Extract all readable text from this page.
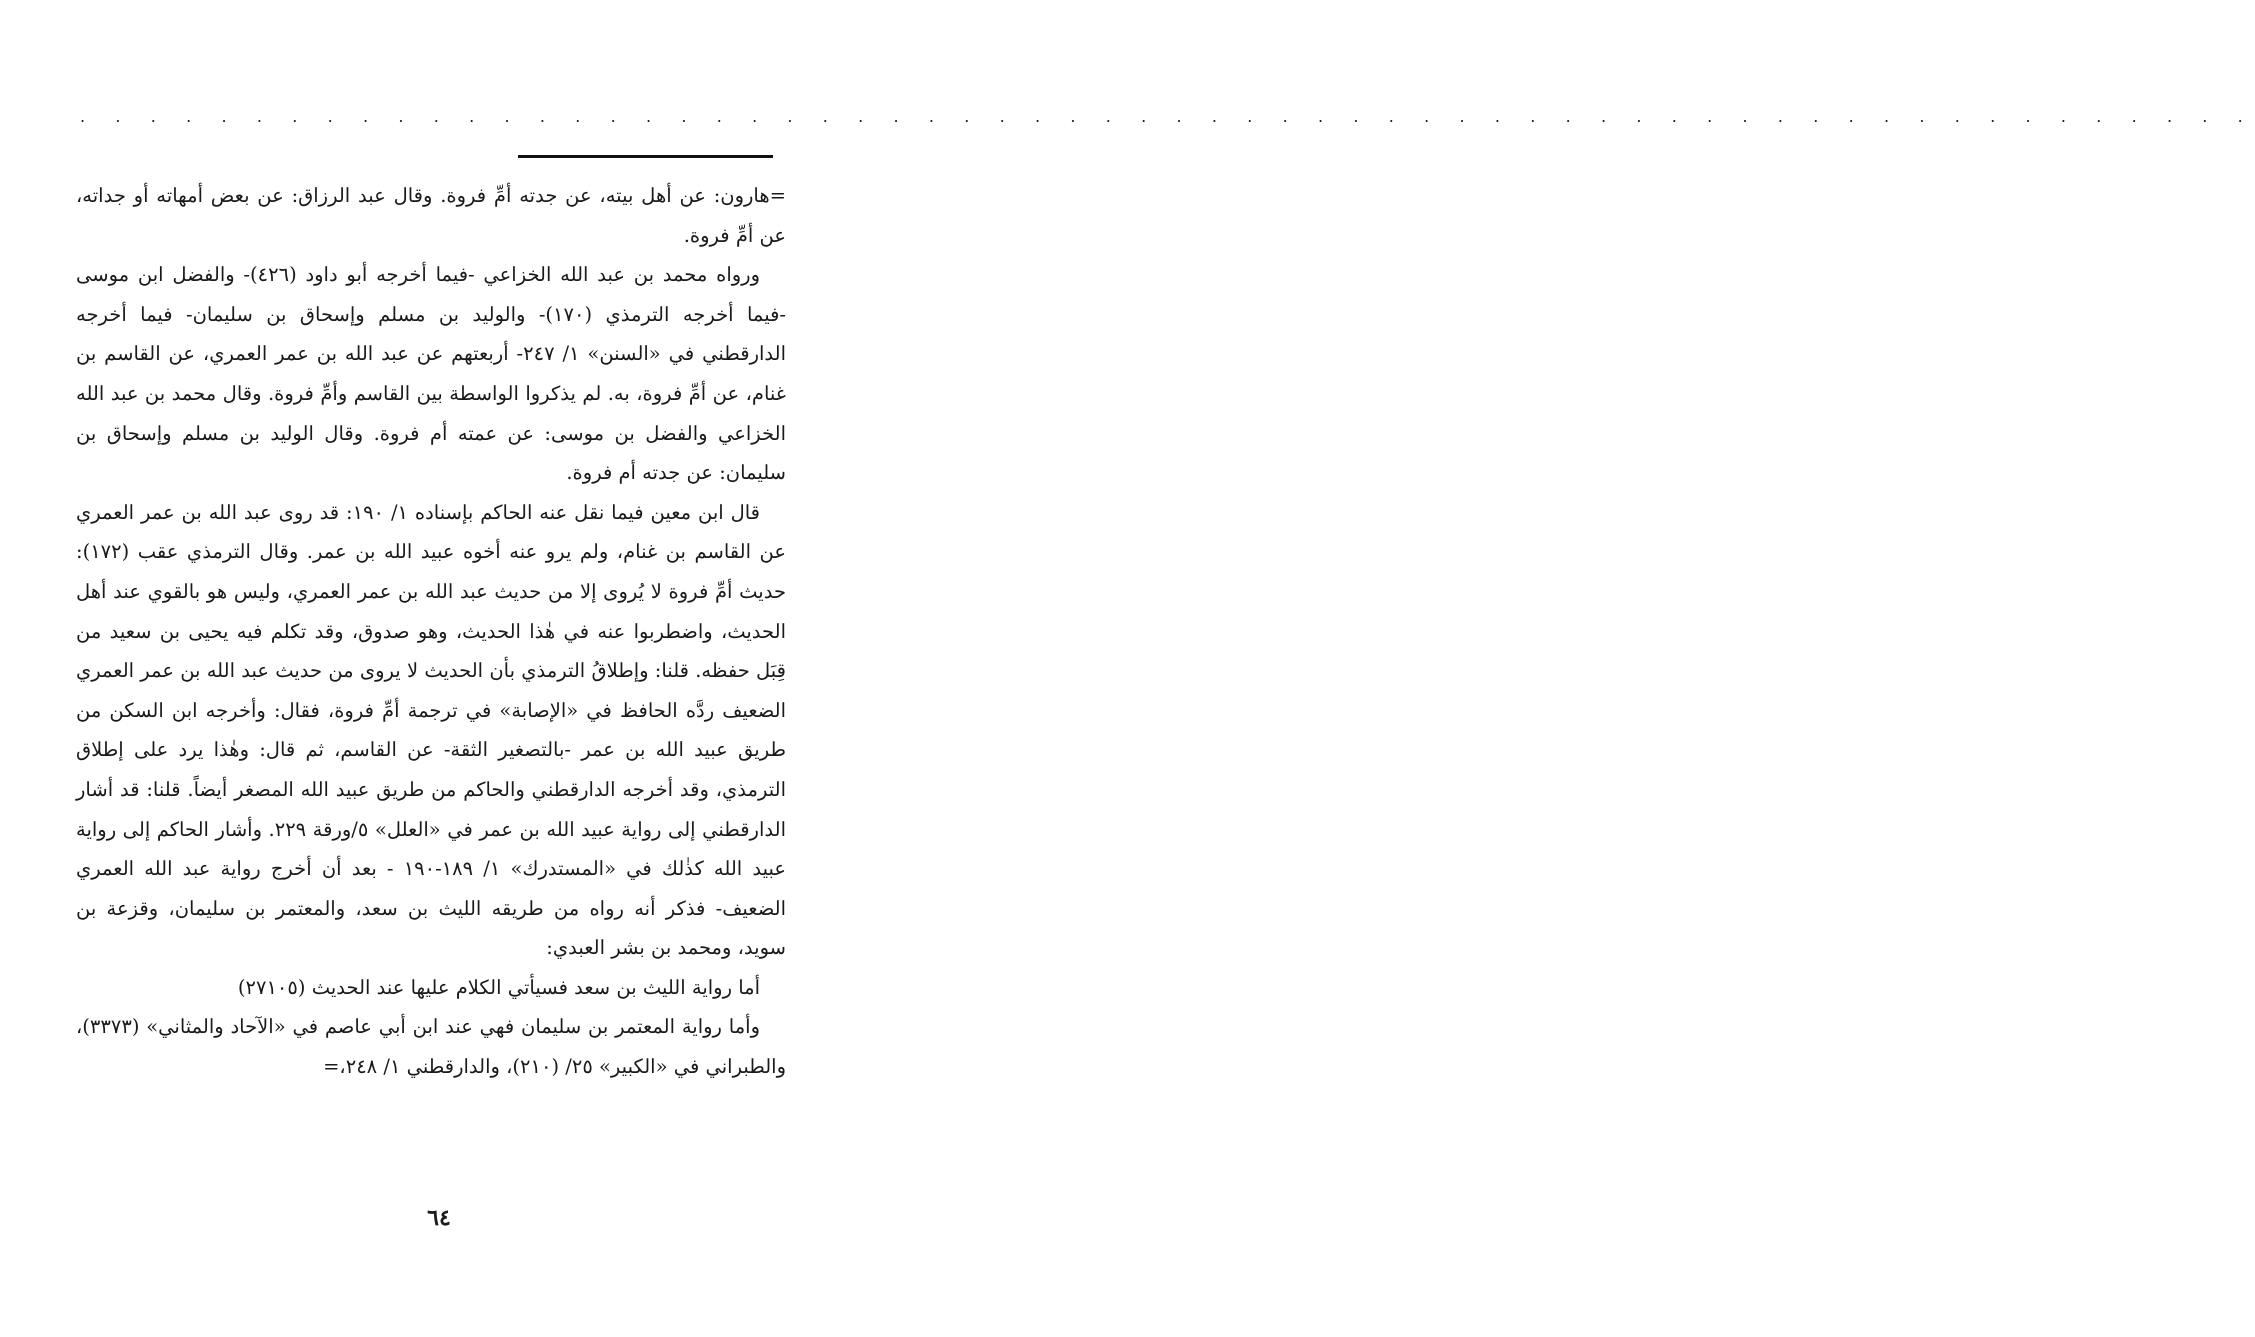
. . . . . . . . . . . . . . . . . . . . . . . . . . . . . . . . . . . . . . . . . . . . . . . . . . . . . . . . . . . . . .

=هارون: عن أهل بيته، عن جدته أمِّ فروة. وقال عبد الرزاق: عن بعض أمهاته أو جداته، عن أمِّ فروة.

ورواه محمد بن عبد الله الخزاعي -فيما أخرجه أبو داود (٤٢٦)- والفضل ابن موسى -فيما أخرجه الترمذي (١٧٠)- والوليد بن مسلم وإسحاق بن سليمان- فيما أخرجه الدارقطني في «السنن» ١/ ٢٤٧- أربعتهم عن عبد الله بن عمر العمري، عن القاسم بن غنام، عن أمِّ فروة، به. لم يذكروا الواسطة بين القاسم وأمِّ فروة. وقال محمد بن عبد الله الخزاعي والفضل بن موسى: عن عمته أم فروة. وقال الوليد بن مسلم وإسحاق بن سليمان: عن جدته أم فروة.

قال ابن معين فيما نقل عنه الحاكم بإسناده ١/ ١٩٠: قد روى عبد الله بن عمر العمري عن القاسم بن غنام، ولم يرو عنه أخوه عبيد الله بن عمر. وقال الترمذي عقب (١٧٢): حديث أمِّ فروة لا يُروى إلا من حديث عبد الله بن عمر العمري، وليس هو بالقوي عند أهل الحديث، واضطربوا عنه في هٰذا الحديث، وهو صدوق، وقد تكلم فيه يحيى بن سعيد من قِبَل حفظه. قلنا: وإطلاقُ الترمذي بأن الحديث لا يروى من حديث عبد الله بن عمر العمري الضعيف ردَّه الحافظ في «الإصابة» في ترجمة أمِّ فروة، فقال: وأخرجه ابن السكن من طريق عبيد الله بن عمر -بالتصغير الثقة- عن القاسم، ثم قال: وهٰذا يرد على إطلاق الترمذي، وقد أخرجه الدارقطني والحاكم من طريق عبيد الله المصغر أيضاً. قلنا: قد أشار الدارقطني إلى رواية عبيد الله بن عمر في «العلل» ٥/ورقة ٢٢٩. وأشار الحاكم إلى رواية عبيد الله كذٰلك في «المستدرك» ١/ ١٨٩-١٩٠ - بعد أن أخرج رواية عبد الله العمري الضعيف- فذكر أنه رواه من طريقه الليث بن سعد، والمعتمر بن سليمان، وقزعة بن سويد، ومحمد بن بشر العبدي:

أما رواية الليث بن سعد فسيأتي الكلام عليها عند الحديث (٢٧١٠٥)

وأما رواية المعتمر بن سليمان فهي عند ابن أبي عاصم في «الآحاد والمثاني» (٣٣٧٣)، والطبراني في «الكبير» ٢٥/ (٢١٠)، والدارقطني ١/ ٢٤٨،=

٦٤
